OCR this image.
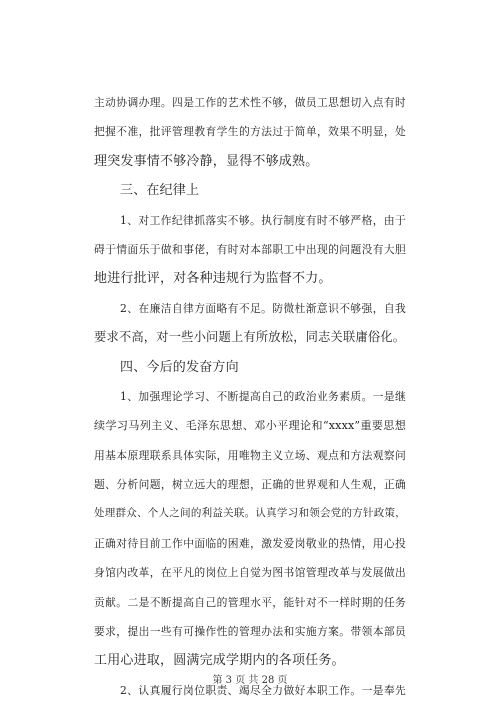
主动协调办理。四是工作的艺术性不够，做员工思想切入点有时
把握不准，批评管理教育学生的方法过于简单，效果不明显，处
理突发事情不够冷静，显得不够成熟。
三、在纪律上
1、对工作纪律抓落实不够。执行制度有时不够严格，由于
碍于情面乐于做和事佬，有时对本部职工中出现的问题没有大胆
地进行批评，对各种违规行为监督不力。
2、在廉洁自律方面略有不足。防微杜渐意识不够强，自我
要求不高，对一些小问题上有所放松，同志关联庸俗化。
四、今后的发奋方向
1、加强理论学习、不断提高自己的政治业务素质。一是继
续学习马列主义、毛泽东思想、邓小平理论和“xxxx”重要思想
用基本原理联系具体实际，用唯物主义立场、观点和方法观察问
题、分析问题，树立远大的理想，正确的世界观和人生观，正确
处理群众、个人之间的利益关联。认真学习和领会党的方针政策，
正确对待目前工作中面临的困难，激发爱岗敬业的热情，用心投
身馆内改革，在平凡的岗位上自觉为图书馆管理改革与发展做出
贡献。二是不断提高自己的管理水平，能针对不一样时期的任务
要求，提出一些有可操作性的管理办法和实施方案。带领本部员
工用心进取，圆满完成学期内的各项任务。
2、认真履行岗位职责、竭尽全力做好本职工作。一是奉先
第 3 页 共 28 页
